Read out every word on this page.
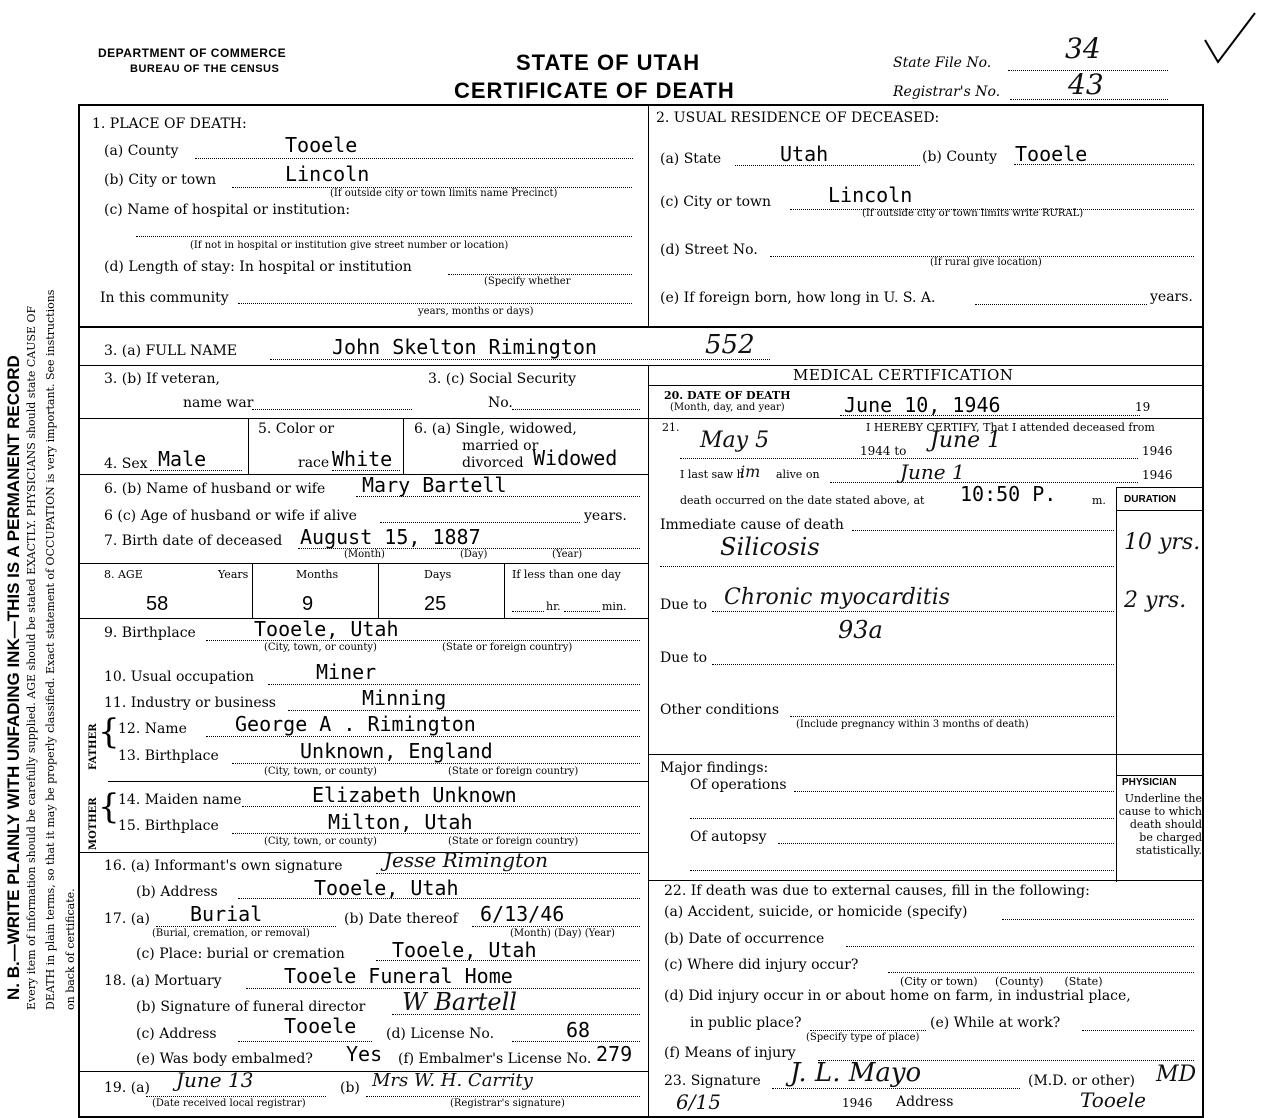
N. B.—WRITE PLAINLY WITH UNFADING INK—THIS IS A PERMANENT RECORD Every item of information should be carefully supplied. AGE should be stated EXACTLY. PHYSICIANS should state CAUSE OF DEATH in plain terms, so that it may be properly classified. Exact statement of OCCUPATION is very important. See instructions on back of certificate.
DEPARTMENT OF COMMERCE
BUREAU OF THE CENSUS	STATE OF UTAH
CERTIFICATE OF DEATH
State File No.	34
Registrar's No. 43
1. PLACE OF DEATH:
(a) County	Tooele
(b) City or town	Lincoln
(If outside city or town limits name Precinct)
(c) Name of hospital or institution:
(If not in hospital or institution give street number or location)
(d) Length of stay: In hospital or institution
(Specify whether
In this community
years, months or days)
2. USUAL RESIDENCE OF DECEASED:
(a) State	Utah	(b) County Tooele
(c) City or town	Lincoln
(If outside city or town limits write RURAL)
(d) Street No.
(If rural give location)
(e) If foreign born, how long in U. S. A.	years.
3. (a) FULL NAME	John Skelton Rimington	552
3. (b) If veteran,
name war
3. (c) Social Security
No.
MEDICAL CERTIFICATION
4. Sex Male
5. Color or
race White
6. (a) Single, widowed,
married or
divorced Widowed
6. (b) Name of husband or wife Mary Bartell
6 (c) Age of husband or wife if alive	years.
7. Birth date of deceased August 15, 1887
(Month)	(Day)	(Year)
8. AGE	Years	Months	Days	If less than one day
58	9	25	hr.	min.
9. Birthplace	Tooele, Utah
(City, town, or county)	(State or foreign country)
10. Usual occupation	Miner
11. Industry or business	Minning
FATHER
MOTHER
{
{
12. Name George A . Rimington
13. Birthplace	Unknown, England
(City, town, or county)	(State or foreign country)
14. Maiden name	Elizabeth Unknown
15. Birthplace	Milton, Utah
(City, town, or county)	(State or foreign country)
16. (a) Informant's own signature Jesse Rimington
(b) Address	Tooele, Utah
17. (a) Burial
(Burial, cremation, or removal)
(b) Date thereof 6/13/46
(Month) (Day) (Year)
(c) Place: burial or cremation Tooele, Utah
18. (a) Mortuary	Tooele Funeral Home
(b) Signature of funeral director W Bartell
(c) Address	Tooele (d) License No.	68
(e) Was body embalmed? Yes (f) Embalmer's License No. 279
19. (a) June 13
(Date received local registrar)
(b) Mrs W. H. Carrity
(Registrar's signature)
20. DATE OF DEATH
(Month, day, and year)	June 10, 1946	19
21.	I HEREBY CERTIFY, That I attended deceased from
May 5	1944 to June 1	1946
I last saw h
im alive on	June 1	1946
death occurred on the date stated above, at 10:50 P.	m. DURATION
Immediate cause of death
Silicosis	10 yrs.
Due to Chronic myocarditis	2 yrs.
93a
Due to
Other conditions
(Include pregnancy within 3 months of death)
Major findings:
Of operations
Of autopsy
PHYSICIAN
Underline the cause to which death should be charged statistically.
22. If death was due to external causes, fill in the following:
(a) Accident, suicide, or homicide (specify)
(b) Date of occurrence
(c) Where did injury occur?
(City or town)     (County)      (State)
(d) Did injury occur in or about home on farm, in industrial place,
in public place?
(Specify type of place)
(e) While at work?
(f) Means of injury
23. Signature J. L. Mayo	(M.D. or other) MD
6/15	1946 Address	Tooele
